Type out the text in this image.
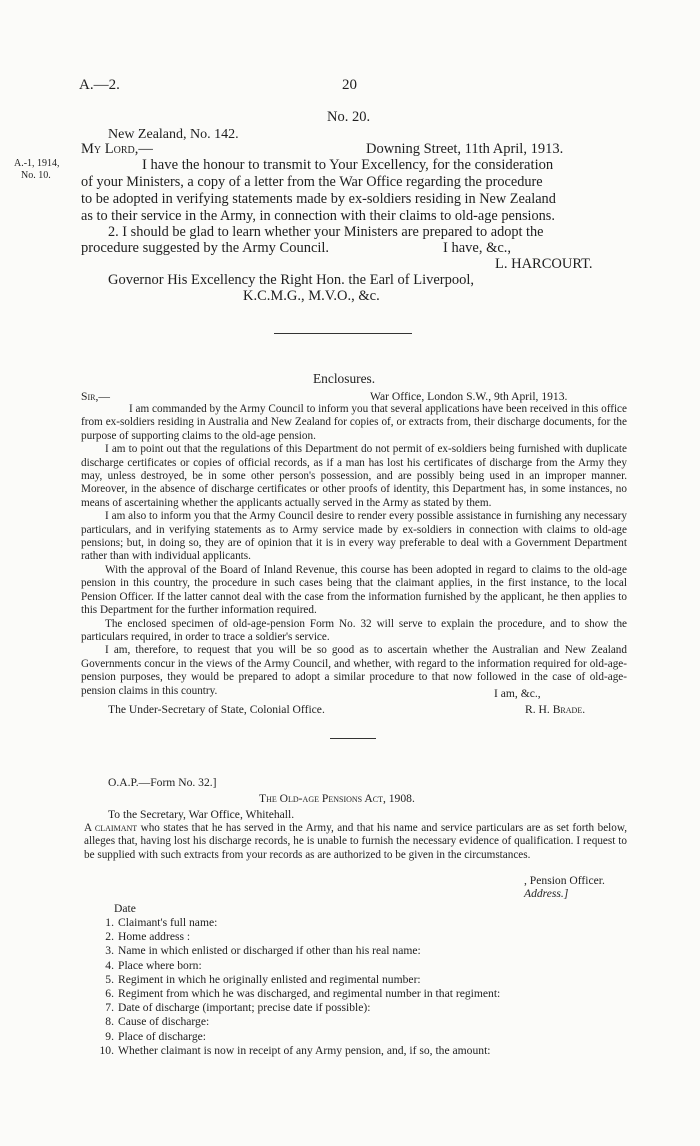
A.—2.	20
No. 20.
New Zealand, No. 142.
My Lord,—	Downing Street, 11th April, 1913.
A.-1, 1914,
No. 10.
I have the honour to transmit to Your Excellency, for the consideration
of your Ministers, a copy of a letter from the War Office regarding the procedure
to be adopted in verifying statements made by ex-soldiers residing in New Zealand
as to their service in the Army, in connection with their claims to old-age pensions.
2. I should be glad to learn whether your Ministers are prepared to adopt the
procedure suggested by the Army Council.	I have, &c.,
L. HARCOURT.
Governor His Excellency the Right Hon. the Earl of Liverpool,
K.C.M.G., M.V.O., &c.
Enclosures.
Sir,—	War Office, London S.W., 9th April, 1913.

I am commanded by the Army Council to inform you that several applications have been received in this office from ex-soldiers residing in Australia and New Zealand for copies of, or extracts from, their discharge documents, for the purpose of supporting claims to the old-age pension.

I am to point out that the regulations of this Department do not permit of ex-soldiers being furnished with duplicate discharge certificates or copies of official records, as if a man has lost his certificates of discharge from the Army they may, unless destroyed, be in some other person's possession, and are possibly being used in an improper manner. Moreover, in the absence of discharge certificates or other proofs of identity, this Department has, in some instances, no means of ascertaining whether the applicants actually served in the Army as stated by them.

I am also to inform you that the Army Council desire to render every possible assistance in furnishing any necessary particulars, and in verifying statements as to Army service made by ex-soldiers in connection with claims to old-age pensions; but, in doing so, they are of opinion that it is in every way preferable to deal with a Government Department rather than with individual applicants.

With the approval of the Board of Inland Revenue, this course has been adopted in regard to claims to the old-age pension in this country, the procedure in such cases being that the claimant applies, in the first instance, to the local Pension Officer. If the latter cannot deal with the case from the information furnished by the applicant, he then applies to this Department for the further information required.

The enclosed specimen of old-age-pension Form No. 32 will serve to explain the procedure, and to show the particulars required, in order to trace a soldier's service.

I am, therefore, to request that you will be so good as to ascertain whether the Australian and New Zealand Governments concur in the views of the Army Council, and whether, with regard to the information required for old-age-pension purposes, they would be prepared to adopt a similar procedure to that now followed in the case of old-age-pension claims in this country.	I am, &c.,
The Under-Secretary of State, Colonial Office.	R. H. Brade.
O.A.P.—Form No. 32.]
The Old-age Pensions Act, 1908.
To the Secretary, War Office, Whitehall.

A claimant who states that he has served in the Army, and that his name and service particulars are as set forth below, alleges that, having lost his discharge records, he is unable to furnish the necessary evidence of qualification. I request to be supplied with such extracts from your records as are authorized to be given in the circumstances.

, Pension Officer.
Address.]
Date
1. Claimant's full name:
2. Home address :
3. Name in which enlisted or discharged if other than his real name:
4. Place where born:
5. Regiment in which he originally enlisted and regimental number:
6. Regiment from which he was discharged, and regimental number in that regiment:
7. Date of discharge (important; precise date if possible):
8. Cause of discharge:
9. Place of discharge:
10. Whether claimant is now in receipt of any Army pension, and, if so, the amount:
